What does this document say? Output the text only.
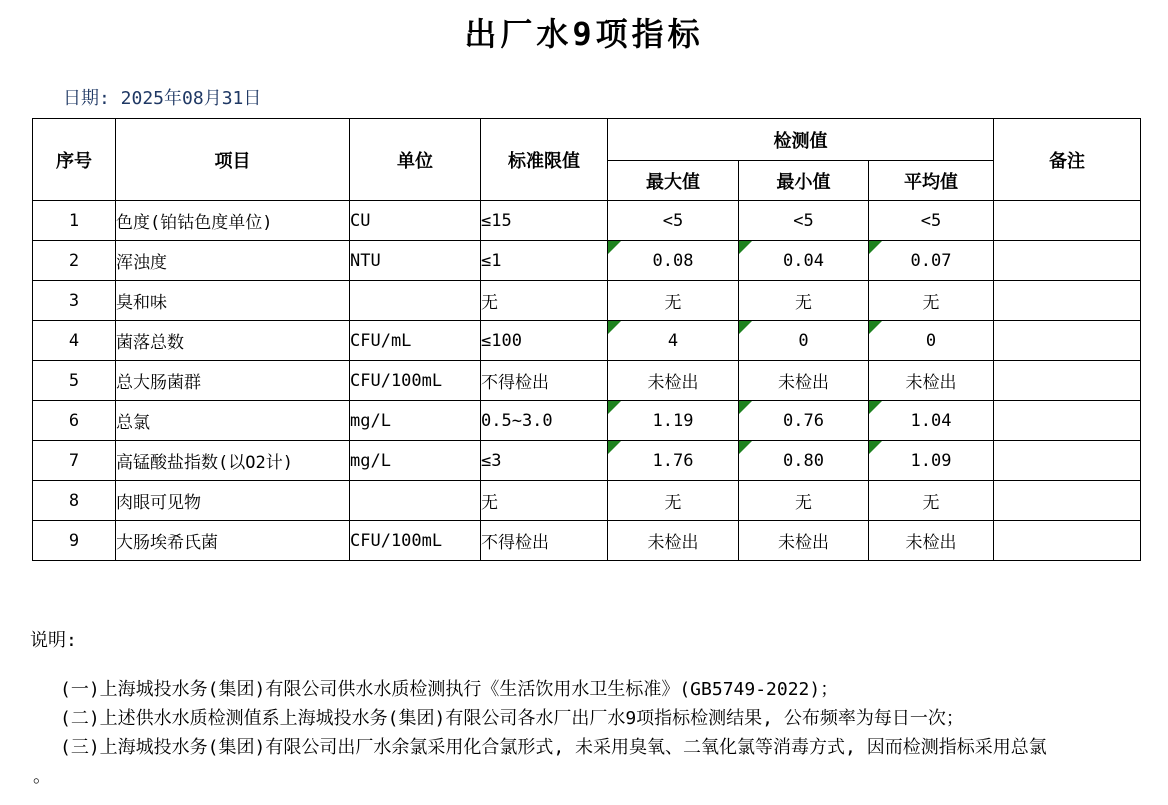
出厂水9项指标
日期: 2025年08月31日
序号	项目	单位	标准限值	检测值			备注
				最大值	最小值	平均值	
1	色度(铂钴色度单位)	CU	≤15	<5	<5	<5	
2	浑浊度	NTU	≤1	0.08	0.04	0.07

3	臭和味		无	无	无	无	
4	菌落总数	CFU/mL	≤100	4	0	0

5	总大肠菌群	CFU/100mL	不得检出	未检出	未检出	未检出	
6	总氯	mg/L	0.5~3.0	1.19	0.76	1.04

7	高锰酸盐指数(以O2计)	mg/L	≤3	1.76	0.80	1.09

8	肉眼可见物		无	无	无	无	
9	大肠埃希氏菌	CFU/100mL	不得检出	未检出	未检出	未检出	
说明:
(一)上海城投水务(集团)有限公司供水水质检测执行《生活饮用水卫生标准》(GB5749-2022)；
(二)上述供水水质检测值系上海城投水务(集团)有限公司各水厂出厂水9项指标检测结果, 公布频率为每日一次；
(三)上海城投水务(集团)有限公司出厂水余氯采用化合氯形式, 未采用臭氧、二氧化氯等消毒方式, 因而检测指标采用总氯
。
